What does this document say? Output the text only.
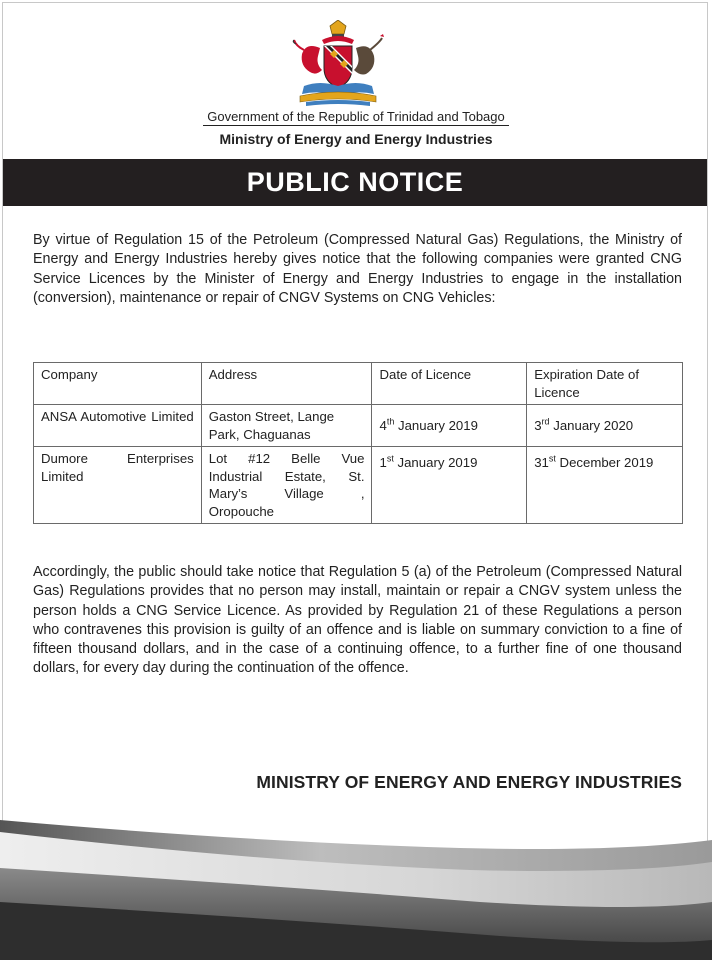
Government of the Republic of Trinidad and Tobago
Ministry of Energy and Energy Industries
PUBLIC NOTICE

By virtue of Regulation 15 of the Petroleum (Compressed Natural Gas) Regulations, the Ministry of Energy and Energy Industries hereby gives notice that the following companies were granted CNG Service Licences by the Minister of Energy and Energy Industries to engage in the installation (conversion), maintenance or repair of CNGV Systems on CNG Vehicles:

Company	Address	Date of Licence	Expiration Date of Licence
ANSA Automotive Limited	Gaston Street, Lange Park, Chaguanas	4th January 2019	3rd January 2020
Dumore Enterprises Limited	Lot #12 Belle Vue Industrial Estate, St. Mary’s Village , Oropouche	1st January 2019	31st December 2019

Accordingly, the public should take notice that Regulation 5 (a) of the Petroleum (Compressed Natural Gas) Regulations provides that no person may install, maintain or repair a CNGV system unless the person holds a CNG Service Licence. As provided by Regulation 21 of these Regulations a person who contravenes this provision is guilty of an offence and is liable on summary conviction to a fine of fifteen thousand dollars, and in the case of a continuing offence, to a further fine of one thousand dollars, for every day during the continuation of the offence.

MINISTRY OF ENERGY AND ENERGY INDUSTRIES
